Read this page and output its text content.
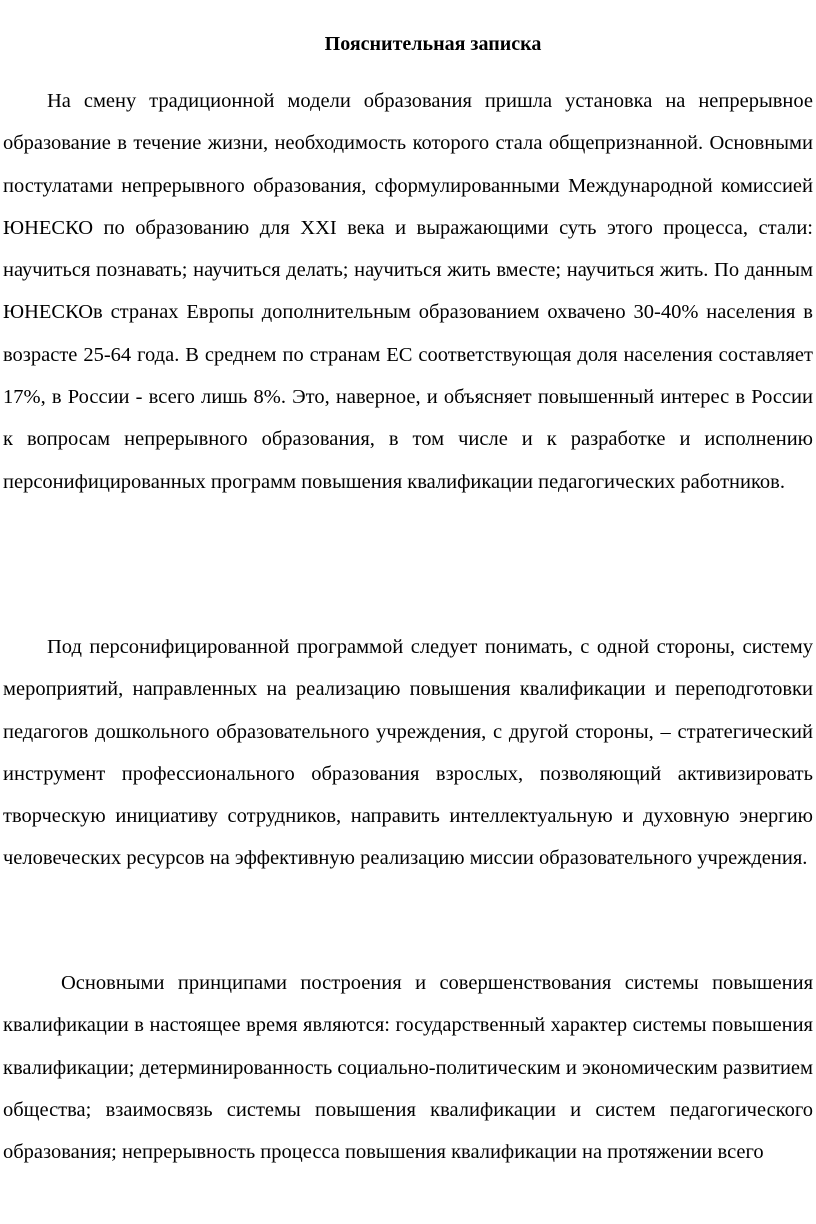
Пояснительная записка

На смену традиционной модели образования пришла установка на непрерывное образование в течение жизни, необходимость которого стала общепризнанной. Основными постулатами непрерывного образования, сформулированными Международной комиссией ЮНЕСКО по образованию для XXI века и выражающими суть этого процесса, стали: научиться познавать; научиться делать; научиться жить вместе; научиться жить. По данным ЮНЕСКОв странах Европы дополнительным образованием охвачено 30-40% населения в возрасте 25-64 года. В среднем по странам ЕС соответствующая доля населения составляет 17%, в России - всего лишь 8%. Это, наверное, и объясняет повышенный интерес в России к вопросам непрерывного образования, в том числе и к разработке и исполнению персонифицированных программ повышения квалификации педагогических работников.

Под персонифицированной программой следует понимать, с одной стороны, систему мероприятий, направленных на реализацию повышения квалификации и переподготовки педагогов дошкольного образовательного учреждения, с другой стороны, – стратегический инструмент профессионального образования взрослых, позволяющий активизировать творческую инициативу сотрудников, направить интеллектуальную и духовную энергию человеческих ресурсов на эффективную реализацию миссии образовательного учреждения.

Основными принципами построения и совершенствования системы повышения квалификации в настоящее время являются: государственный характер системы повышения квалификации; детерминированность социально-политическим и экономическим развитием общества; взаимосвязь системы повышения квалификации и систем педагогического образования; непрерывность процесса повышения квалификации на протяжении всего
